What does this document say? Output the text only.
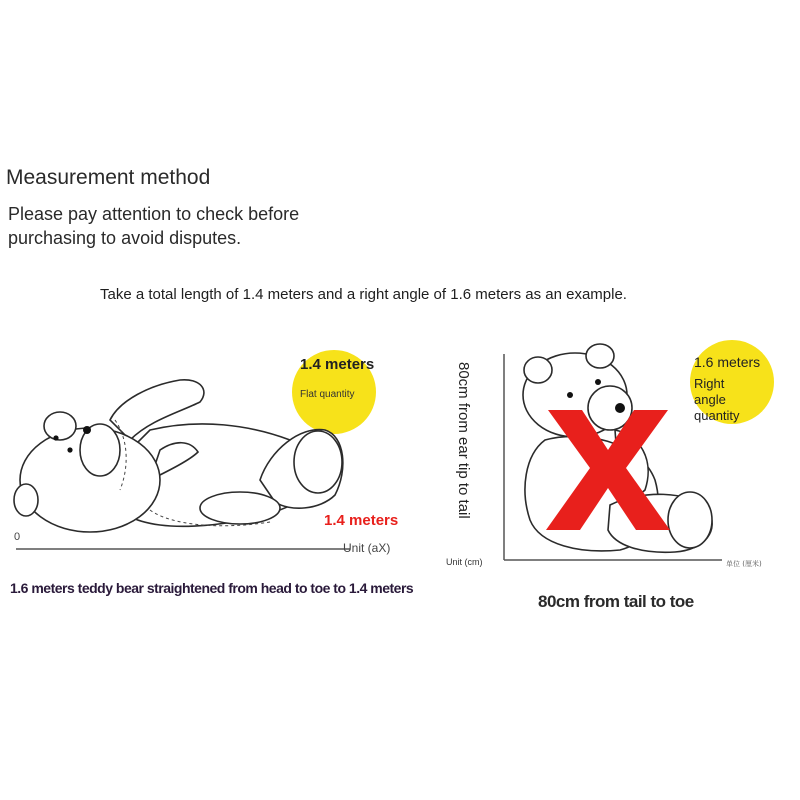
Measurement method
Please pay attention to check before
purchasing to avoid disputes.
Take a total length of 1.4 meters and a right angle of 1.6 meters as an example.
1.4 meters
Flat quantity
1.4 meters
0
Unit (aX)
1.6 meters teddy bear straightened from head to toe to 1.4 meters
单位 (厘米)
Unit (cm)
1.6 meters
Right
angle
quantity
80cm from ear tip to tail
80cm from tail to toe
